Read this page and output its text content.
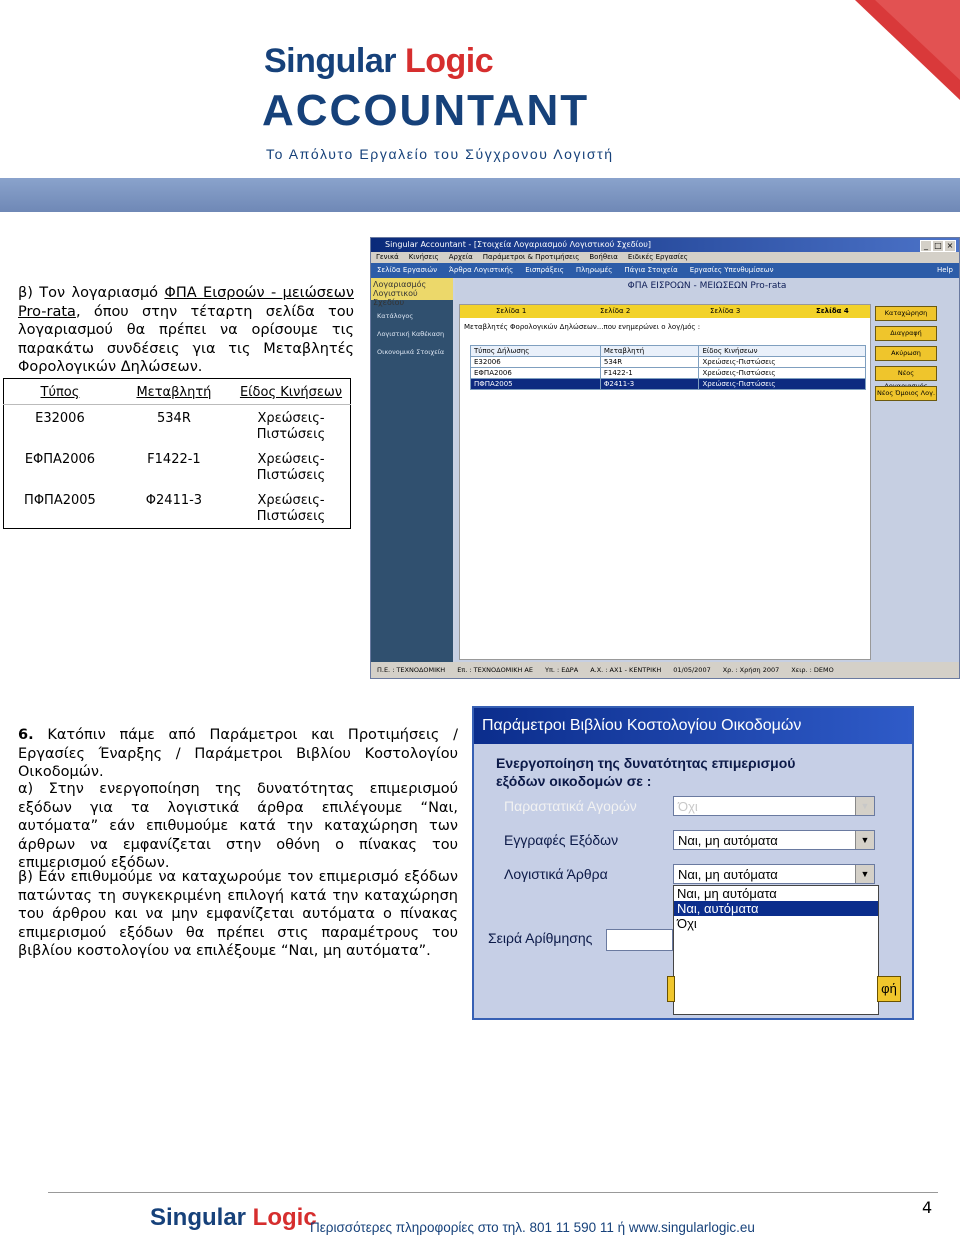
Singular Logic
ACCOUNTANT
Το Απόλυτο Εργαλείο του Σύγχρονου Λογιστή
β) Τον λογαριασμό ΦΠΑ Εισροών - μειώσεων Pro-rata, όπου στην τέταρτη σελίδα του λογαριασμού θα πρέπει να ορίσουμε τις παρακάτω συνδέσεις για τις Μεταβλητές Φορολογικών Δηλώσεων.
Τύπος	Μεταβλητή	Είδος Κινήσεων
Ε32006	534R	Χρεώσεις-Πιστώσεις
ΕΦΠΑ2006	F1422-1	Χρεώσεις-Πιστώσεις
ΠΦΠΑ2005	Φ2411-3	Χρεώσεις-Πιστώσεις
Singular Accountant - [Στοιχεία Λογαριασμού Λογιστικού Σχεδίου]	_ □ ×
Γενικά Κινήσεις Αρχεία Παράμετροι & Προτιμήσεις Βοήθεια Ειδικές Εργασίες
Σελίδα Εργασιών Άρθρα Λογιστικής Εισπράξεις Πληρωμές Πάγια Στοιχεία Εργασίες Υπενθυμίσεων	Help
Λογαριασμός Λογιστικού Σχεδίου
Κατάλογος
Λογιστική Καθέκαση
Οικονομικά Στοιχεία
ΦΠΑ ΕΙΣΡΟΩΝ - ΜΕΙΩΣΕΩΝ Pro-rata
Σελίδα 1	Σελίδα 2	Σελίδα 3	Σελίδα 4
Μεταβλητές Φορολογικών Δηλώσεων...που ενημερώνει ο λογ/μός :
Τύπος Δήλωσης	Μεταβλητή	Είδος Κινήσεων
Ε32006	534R	Χρεώσεις-Πιστώσεις
ΕΦΠΑ2006	F1422-1	Χρεώσεις-Πιστώσεις
ΠΦΠΑ2005	Φ2411-3	Χρεώσεις-Πιστώσεις
Καταχώρηση
Διαγραφή
Ακύρωση
Νέος
Νέος Όμοιος Λογ.
Π.Ε. : ΤΕΧΝΟΔΟΜΙΚΗ Επ. : ΤΕΧΝΟΔΟΜΙΚΗ ΑΕ Υπ. : ΕΔΡΑ Α.Χ. : ΑΧ1 - ΚΕΝΤΡΙΚΗ 01/05/2007 Χρ. : Χρήση 2007 Χειρ. : DEMO
6. Κατόπιν πάμε από Παράμετροι και Προτιμήσεις / Εργασίες Έναρξης / Παράμετροι Βιβλίου Κοστολογίου Οικοδομών.
α) Στην ενεργοποίηση της δυνατότητας επιμερισμού εξόδων για τα λογιστικά άρθρα επιλέγουμε “Ναι, αυτόματα” εάν επιθυμούμε κατά την καταχώρηση των άρθρων να εμφανίζεται στην οθόνη ο πίνακας του επιμερισμού εξόδων.
β) Εάν επιθυμούμε να καταχωρούμε τον επιμερισμό εξόδων πατώντας τη συγκεκριμένη επιλογή κατά την καταχώρηση του άρθρου και να μην εμφανίζεται αυτόματα ο πίνακας επιμερισμού εξόδων θα πρέπει στις παραμέτρους του βιβλίου κοστολογίου να επιλέξουμε “Ναι, μη αυτόματα”.
Παράμετροι Βιβλίου Κοστολογίου Οικοδομών
Ενεργοποίηση της δυνατότητας επιμερισμού εξόδων οικοδομών σε :
Παραστατικά Αγορών	Όχι	▼
Εγγραφές Εξόδων	Ναι, μη αυτόματα	▼
Λογιστικά Άρθρα	Ναι, μη αυτόματα	▼
Ναι, μη αυτόματα
Ναι, αυτόματα
Όχι
Σειρά Αρίθμησης
φή
4
Singular Logic
Περισσότερες πληροφορίες στο τηλ. 801 11 590 11 ή www.singularlogic.eu
